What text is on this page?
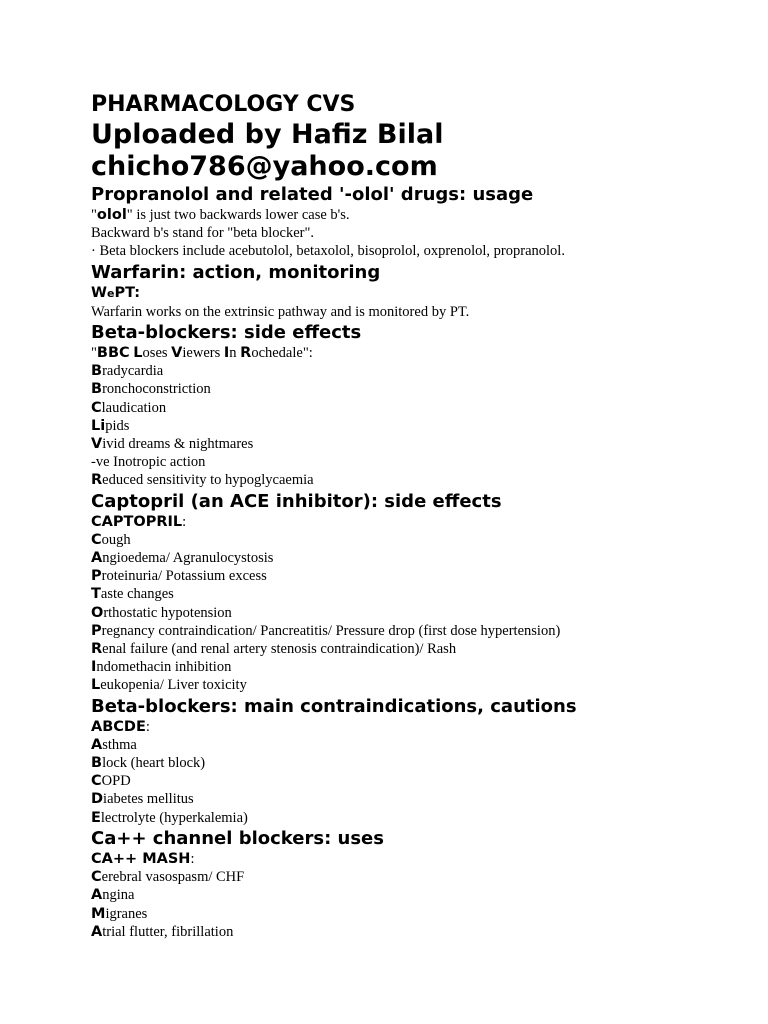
PHARMACOLOGY CVS
Uploaded by Hafiz Bilal
chicho786@yahoo.com
Propranolol and related '-olol' drugs: usage
"olol" is just two backwards lower case b's.
Backward b's stand for "beta blocker".
· Beta blockers include acebutolol, betaxolol, bisoprolol, oxprenolol, propranolol.
Warfarin: action, monitoring
WePT:
Warfarin works on the extrinsic pathway and is monitored by PT.
Beta-blockers: side effects
"BBC Loses Viewers In Rochedale":
Bradycardia
Bronchoconstriction
Claudication
Lipids
Vivid dreams & nightmares
-ve Inotropic action
Reduced sensitivity to hypoglycaemia
Captopril (an ACE inhibitor): side effects
CAPTOPRIL:
Cough
Angioedema/ Agranulocystosis
Proteinuria/ Potassium excess
Taste changes
Orthostatic hypotension
Pregnancy contraindication/ Pancreatitis/ Pressure drop (first dose hypertension)
Renal failure (and renal artery stenosis contraindication)/ Rash
Indomethacin inhibition
Leukopenia/ Liver toxicity
Beta-blockers: main contraindications, cautions
ABCDE:
Asthma
Block (heart block)
COPD
Diabetes mellitus
Electrolyte (hyperkalemia)
Ca++ channel blockers: uses
CA++ MASH:
Cerebral vasospasm/ CHF
Angina
Migranes
Atrial flutter, fibrillation
